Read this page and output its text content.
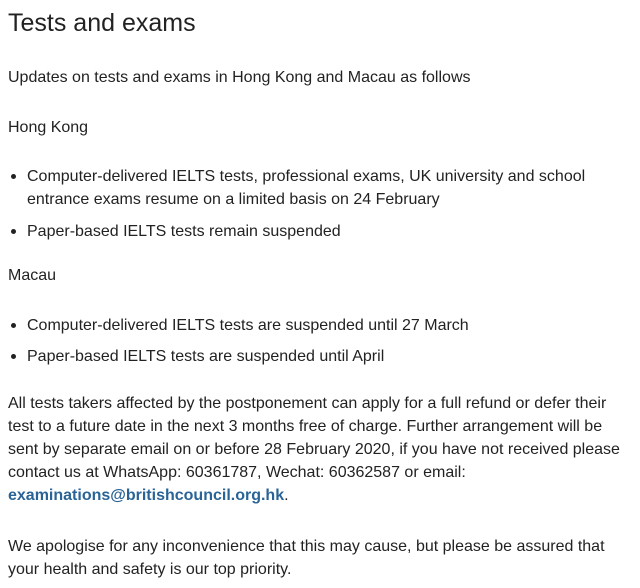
Tests and exams

Updates on tests and exams in Hong Kong and Macau as follows

Hong Kong

Computer-delivered IELTS tests, professional exams, UK university and school entrance exams resume on a limited basis on 24 February
Paper-based IELTS tests remain suspended

Macau

Computer-delivered IELTS tests are suspended until 27 March
Paper-based IELTS tests are suspended until April

All tests takers affected by the postponement can apply for a full refund or defer their test to a future date in the next 3 months free of charge. Further arrangement will be sent by separate email on or before 28 February 2020, if you have not received please contact us at WhatsApp: 60361787, Wechat: 60362587 or email: examinations@britishcouncil.org.hk.

We apologise for any inconvenience that this may cause, but please be assured that your health and safety is our top priority.
